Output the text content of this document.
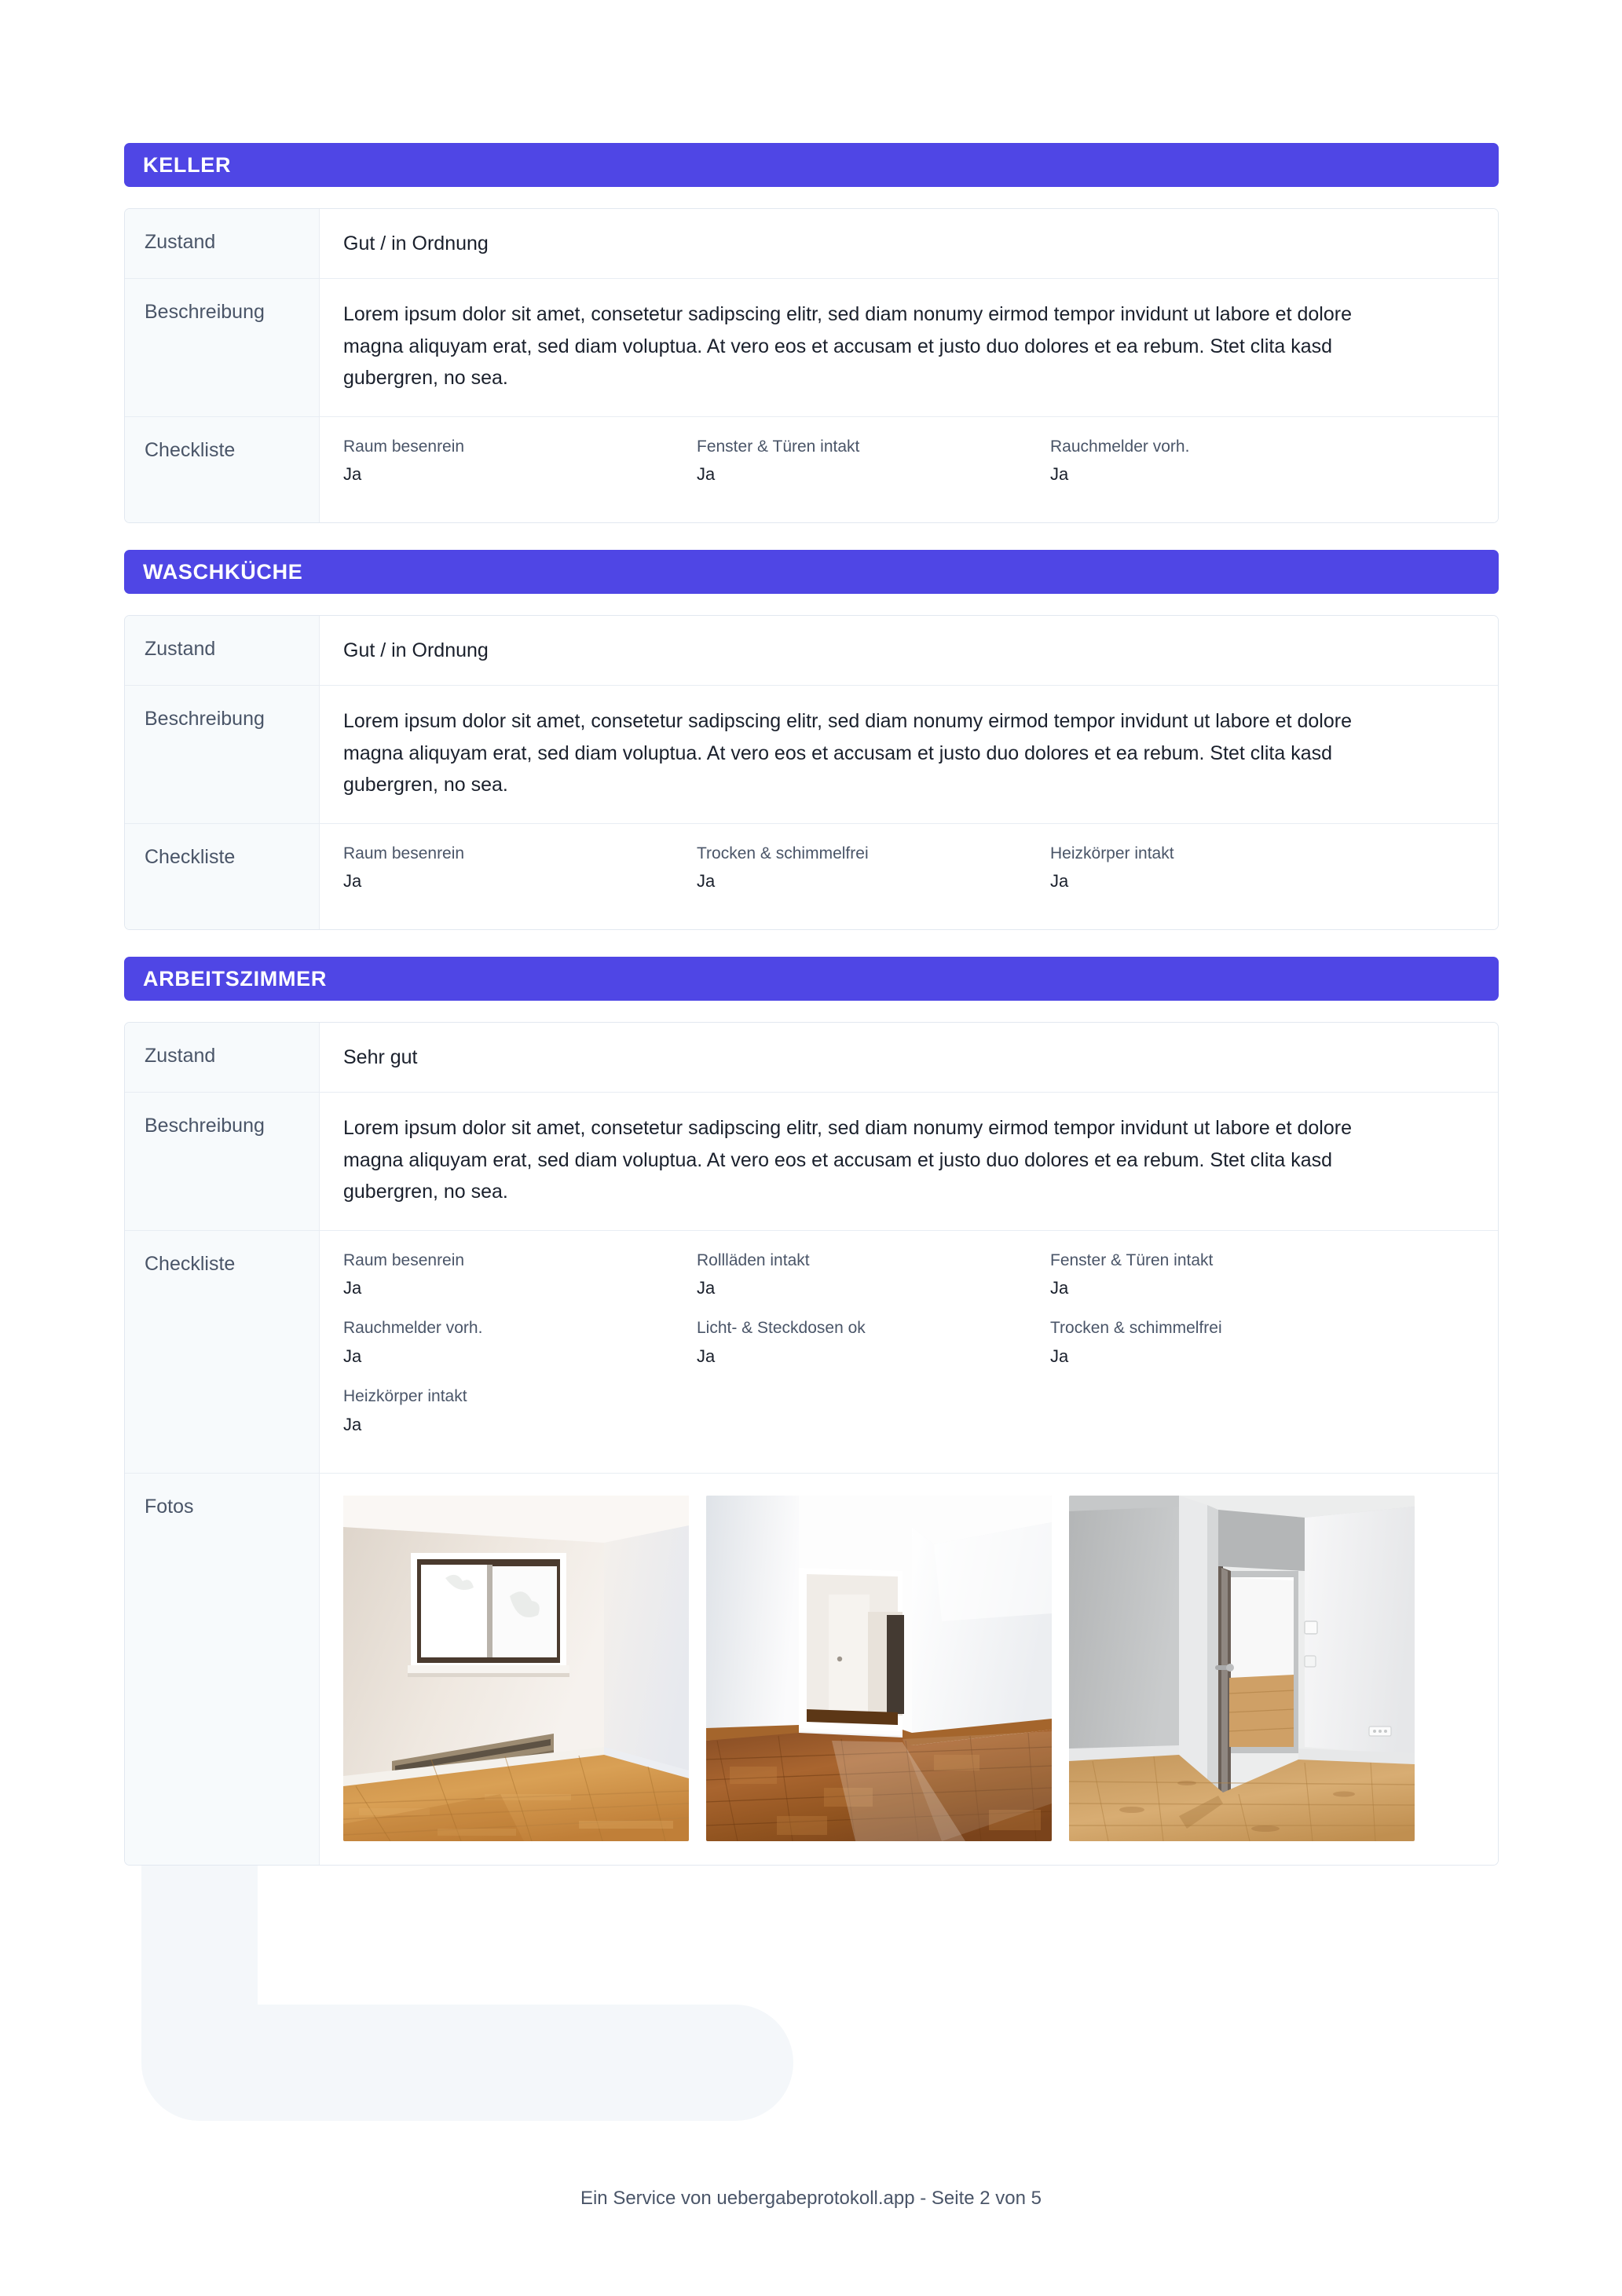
KELLER
Zustand	Gut / in Ordnung
Beschreibung	Lorem ipsum dolor sit amet, consetetur sadipscing elitr, sed diam nonumy eirmod tempor invidunt ut labore et dolore magna aliquyam erat, sed diam voluptua. At vero eos et accusam et justo duo dolores et ea rebum. Stet clita kasd gubergren, no sea.

Checkliste	Raum besenrein
Ja
Fenster & Türen intakt
Ja
Rauchmelder vorh.
Ja
WASCHKÜCHE
Zustand	Gut / in Ordnung
Beschreibung	Lorem ipsum dolor sit amet, consetetur sadipscing elitr, sed diam nonumy eirmod tempor invidunt ut labore et dolore magna aliquyam erat, sed diam voluptua. At vero eos et accusam et justo duo dolores et ea rebum. Stet clita kasd gubergren, no sea.

Checkliste	Raum besenrein
Ja
Trocken & schimmelfrei
Ja
Heizkörper intakt
Ja
ARBEITSZIMMER
Zustand	Sehr gut
Beschreibung	Lorem ipsum dolor sit amet, consetetur sadipscing elitr, sed diam nonumy eirmod tempor invidunt ut labore et dolore magna aliquyam erat, sed diam voluptua. At vero eos et accusam et justo duo dolores et ea rebum. Stet clita kasd gubergren, no sea.

Checkliste	Raum besenrein
Ja
Rollläden intakt
Ja
Fenster & Türen intakt
Ja
Rauchmelder vorh.
Ja
Licht- & Steckdosen ok
Ja
Trocken & schimmelfrei
Ja
Heizkörper intakt
Ja
Fotos
Ein Service von uebergabeprotokoll.app - Seite 2 von 5
